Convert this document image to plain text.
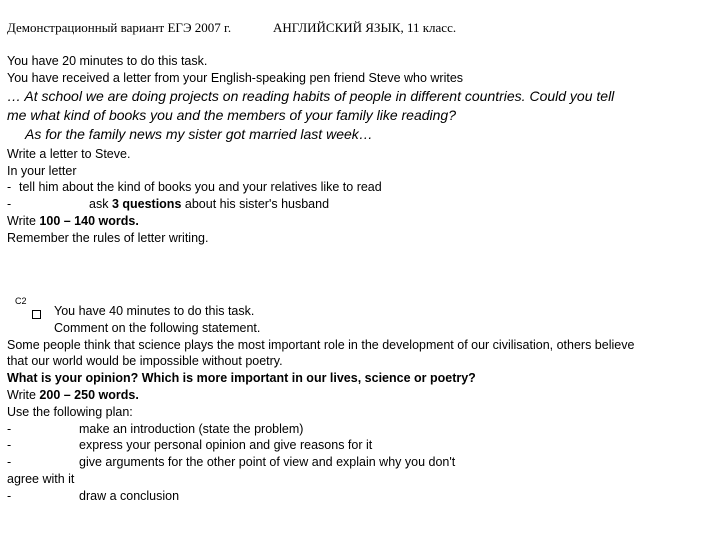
Демонстрационный вариант ЕГЭ 2007 г.	АНГЛИЙСКИЙ ЯЗЫК, 11 класс.
You have 20 minutes to do this task.
You have received a letter from your English-speaking pen friend Steve who writes
… At school we are doing projects on reading habits of people in different countries. Could you tell
me what kind of books you and the members of your family like reading?
As for the family news my sister got married last week…
Write a letter to Steve.
In your letter
- tell him about the kind of books you and your relatives like to read
-	ask 3 questions about his sister's husband
Write 100 – 140 words.
Remember the rules of letter writing.
C2
You have 40 minutes to do this task.
Comment on the following statement.
Some people think that science plays the most important role in the development of our civilisation, others believe
that our world would be impossible without poetry.
What is your opinion? Which is more important in our lives, science or poetry?
Write 200 – 250 words.
Use the following plan:
-	make an introduction (state the problem)
-	express your personal opinion and give reasons for it
-	give arguments for the other point of view and explain why you don't
agree with it
-	draw a conclusion
